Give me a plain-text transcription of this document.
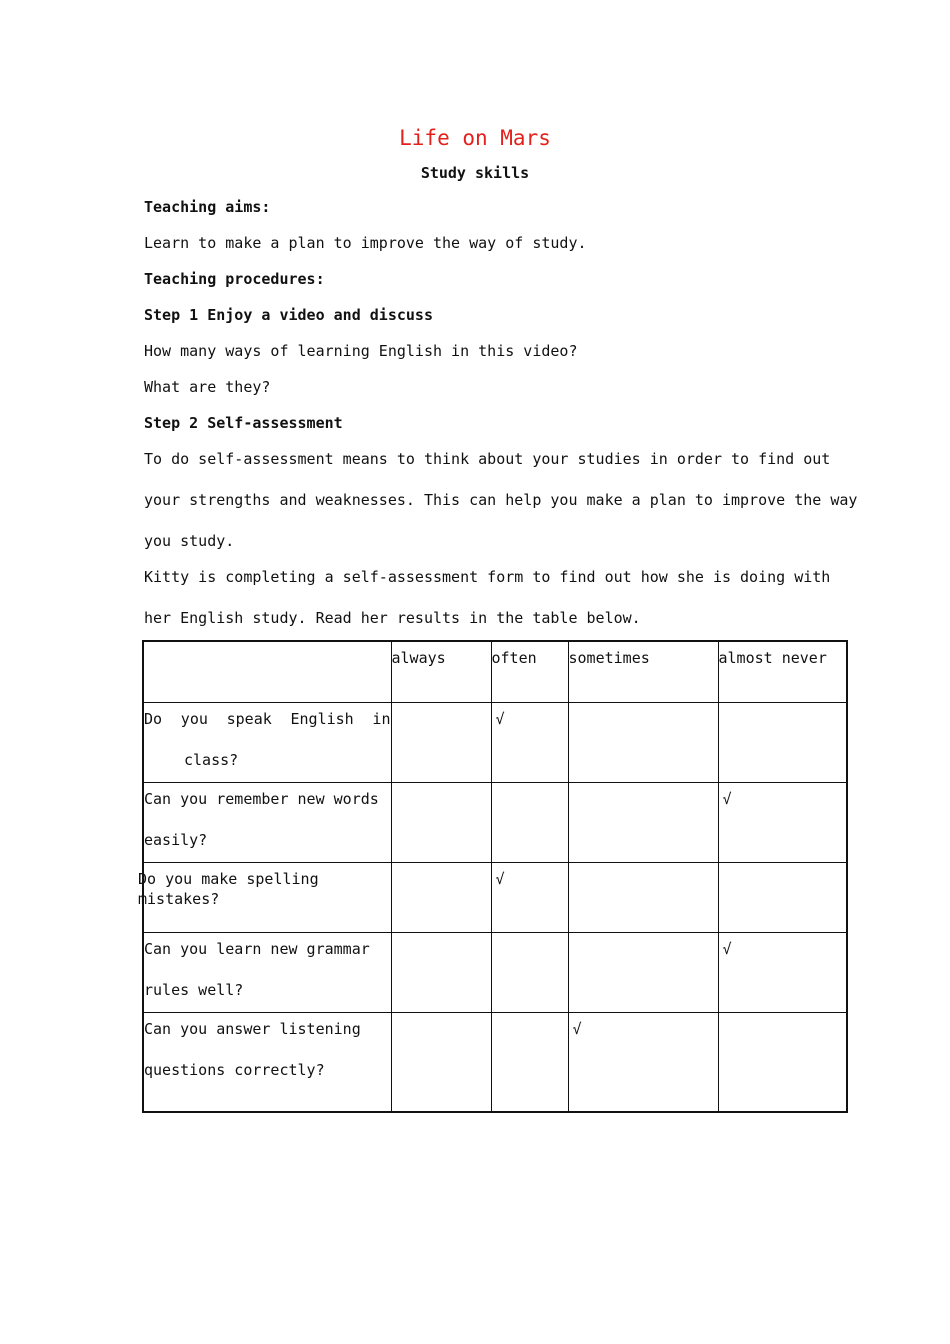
Life on Mars
Study skills
Teaching aims:
Learn to make a plan to improve the way of study.
Teaching procedures:
Step 1 Enjoy a video and discuss
How many ways of learning English in this video?
What are they?
Step 2 Self-assessment
To do self-assessment means to think about your studies in order to find out
your strengths and weaknesses. This can help you make a plan to improve the way
you study.
Kitty is completing a self-assessment form to find out how she is doing with
her English study. Read her results in the table below.
	always	often	sometimes	almost never

Do you speak English in
class?		√		

Can you remember new words
easily?				√

Do you make spelling mistakes?		√		

Can you learn new grammar
rules well?				√

Can you answer listening
questions correctly?			√	
